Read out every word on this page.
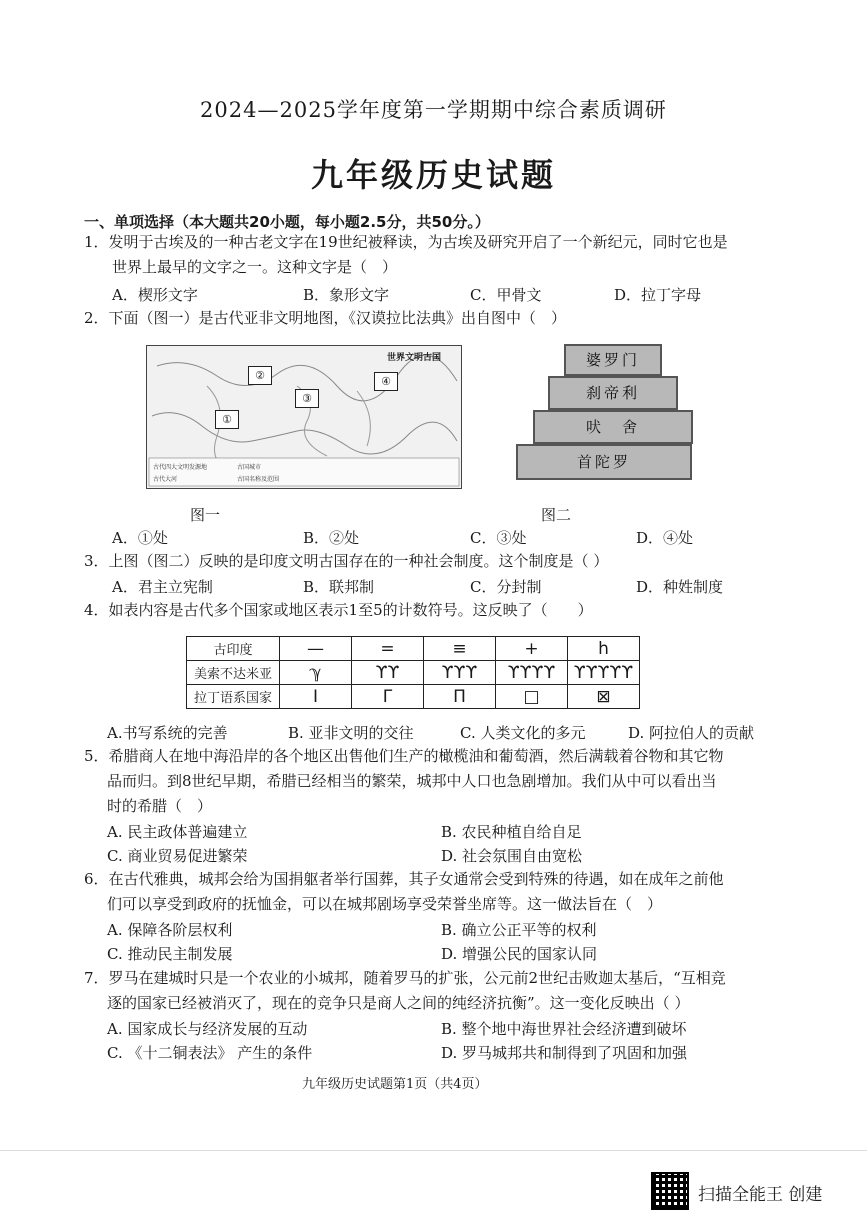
2024—2025学年度第一学期期中综合素质调研
九年级历史试题
一、单项选择（本大题共20小题，每小题2.5分，共50分。）
1．发明于古埃及的一种古老文字在19世纪被释读，为古埃及研究开启了一个新纪元，同时它也是
世界上最早的文字之一。这种文字是（　）
A．楔形文字	B．象形文字	C．甲骨文	D．拉丁字母
2．下面（图一）是古代亚非文明地图，《汉谟拉比法典》出自图中（　）
世界文明古国
①
②
③
④
古代四大文明发源地
古代大河
古国城市
古国名称及范围
婆罗门
刹帝利
吠　舍
首陀罗
图一	图二
A．①处	B．②处	C．③处	D．④处
3．上图（图二）反映的是印度文明古国存在的一种社会制度。这个制度是（ ）
A．君主立宪制	B．联邦制	C．分封制	D．种姓制度
4．如表内容是古代多个国家或地区表示1至5的计数符号。这反映了（　　）
古印度	—	=	≡	+	h
美索不达米亚	ℽ	ϒϒ	ϒϒϒ	ϒϒϒϒ	ϒϒϒϒϒ
拉丁语系国家	Ⅰ	Γ	Π	□	⊠
A.书写系统的完善	B. 亚非文明的交往	C. 人类文化的多元	D. 阿拉伯人的贡献
5．希腊商人在地中海沿岸的各个地区出售他们生产的橄榄油和葡萄酒，然后满载着谷物和其它物
品而归。到8世纪早期，希腊已经相当的繁荣，城邦中人口也急剧增加。我们从中可以看出当
时的希腊（　）
A. 民主政体普遍建立	B. 农民种植自给自足
C. 商业贸易促进繁荣	D. 社会氛围自由宽松
6．在古代雅典，城邦会给为国捐躯者举行国葬，其子女通常会受到特殊的待遇，如在成年之前他
们可以享受到政府的抚恤金，可以在城邦剧场享受荣誉坐席等。这一做法旨在（　）
A. 保障各阶层权利	B. 确立公正平等的权利
C. 推动民主制发展	D. 增强公民的国家认同
7．罗马在建城时只是一个农业的小城邦，随着罗马的扩张，公元前2世纪击败迦太基后，“互相竞
逐的国家已经被消灭了，现在的竞争只是商人之间的纯经济抗衡”。这一变化反映出（ ）
A. 国家成长与经济发展的互动	B. 整个地中海世界社会经济遭到破坏
C. 《十二铜表法》 产生的条件	D. 罗马城邦共和制得到了巩固和加强
九年级历史试题第1页（共4页）
扫描全能王 创建
